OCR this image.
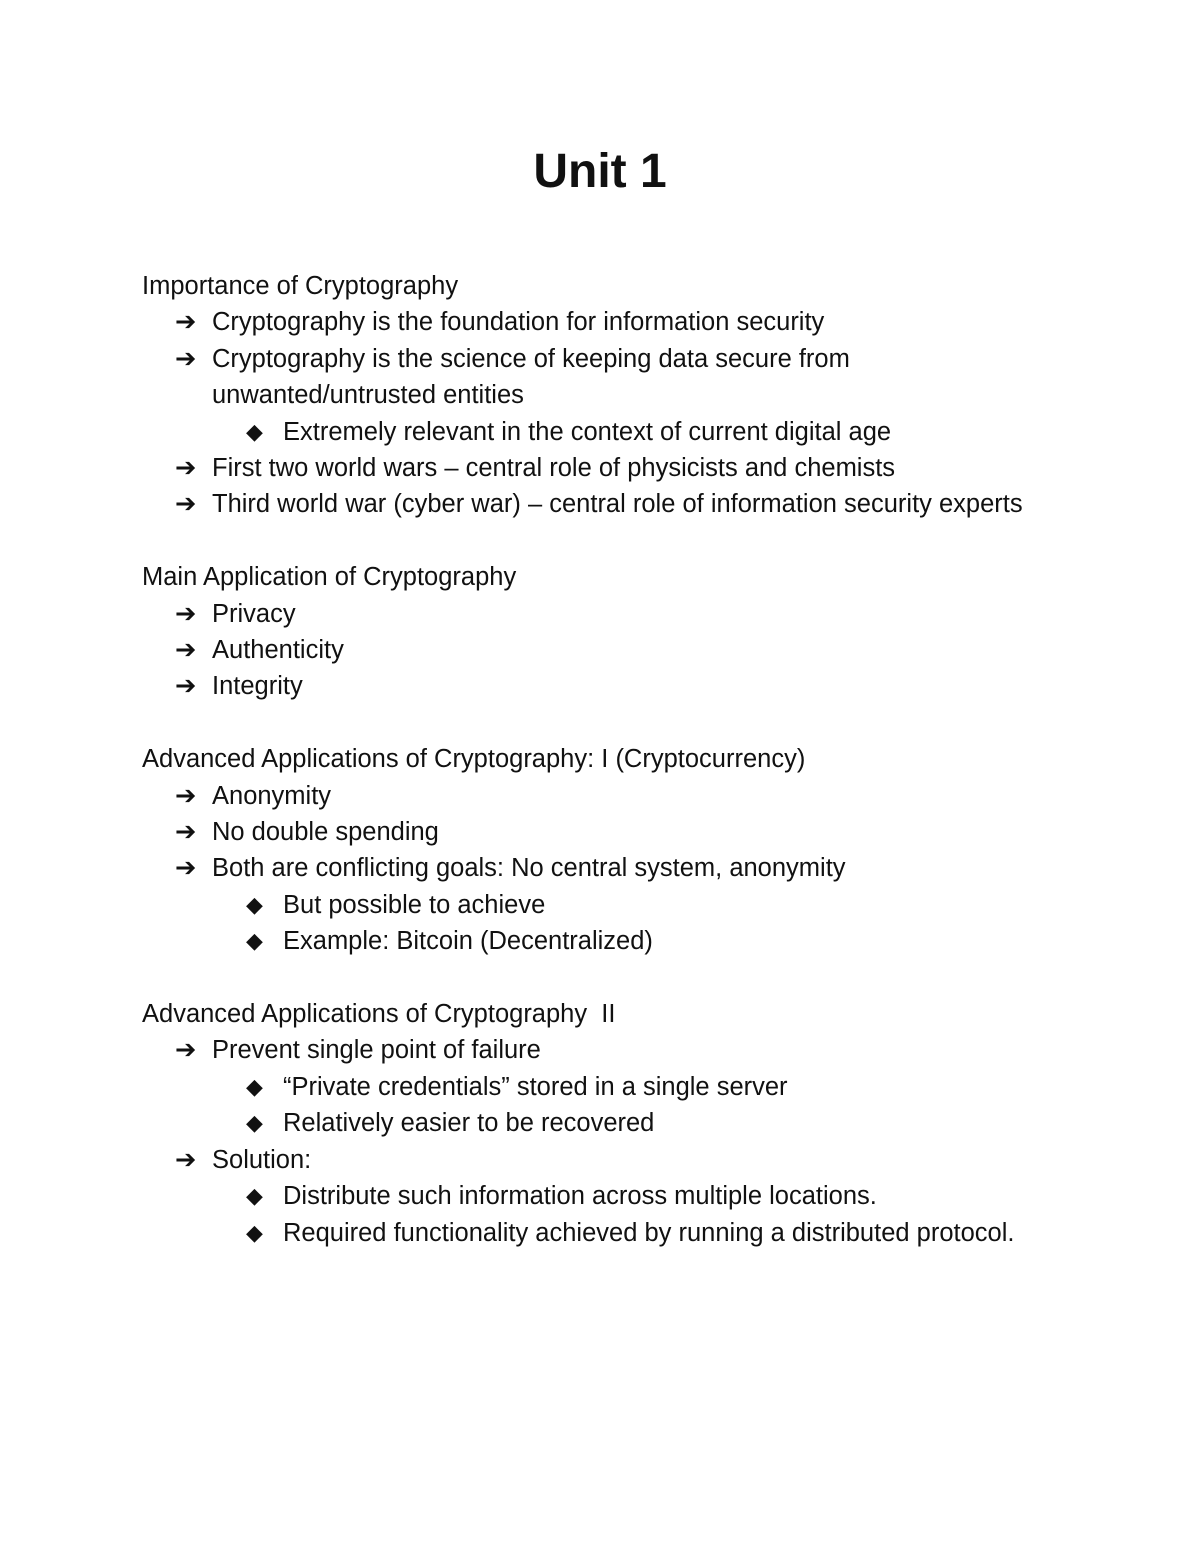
Unit 1

Importance of Cryptography

➔ Cryptography is the foundation for information security
➔ Cryptography is the science of keeping data secure from unwanted/untrusted entities
◆ Extremely relevant in the context of current digital age
➔ First two world wars – central role of physicists and chemists
➔ Third world war (cyber war) – central role of information security experts

Main Application of Cryptography

➔ Privacy
➔ Authenticity
➔ Integrity

Advanced Applications of Cryptography: I (Cryptocurrency)

➔ Anonymity
➔ No double spending
➔ Both are conflicting goals: No central system, anonymity
◆ But possible to achieve
◆ Example: Bitcoin (Decentralized)

Advanced Applications of Cryptography  II

➔ Prevent single point of failure
◆ “Private credentials” stored in a single server
◆ Relatively easier to be recovered
➔ Solution:
◆ Distribute such information across multiple locations.
◆ Required functionality achieved by running a distributed protocol.
